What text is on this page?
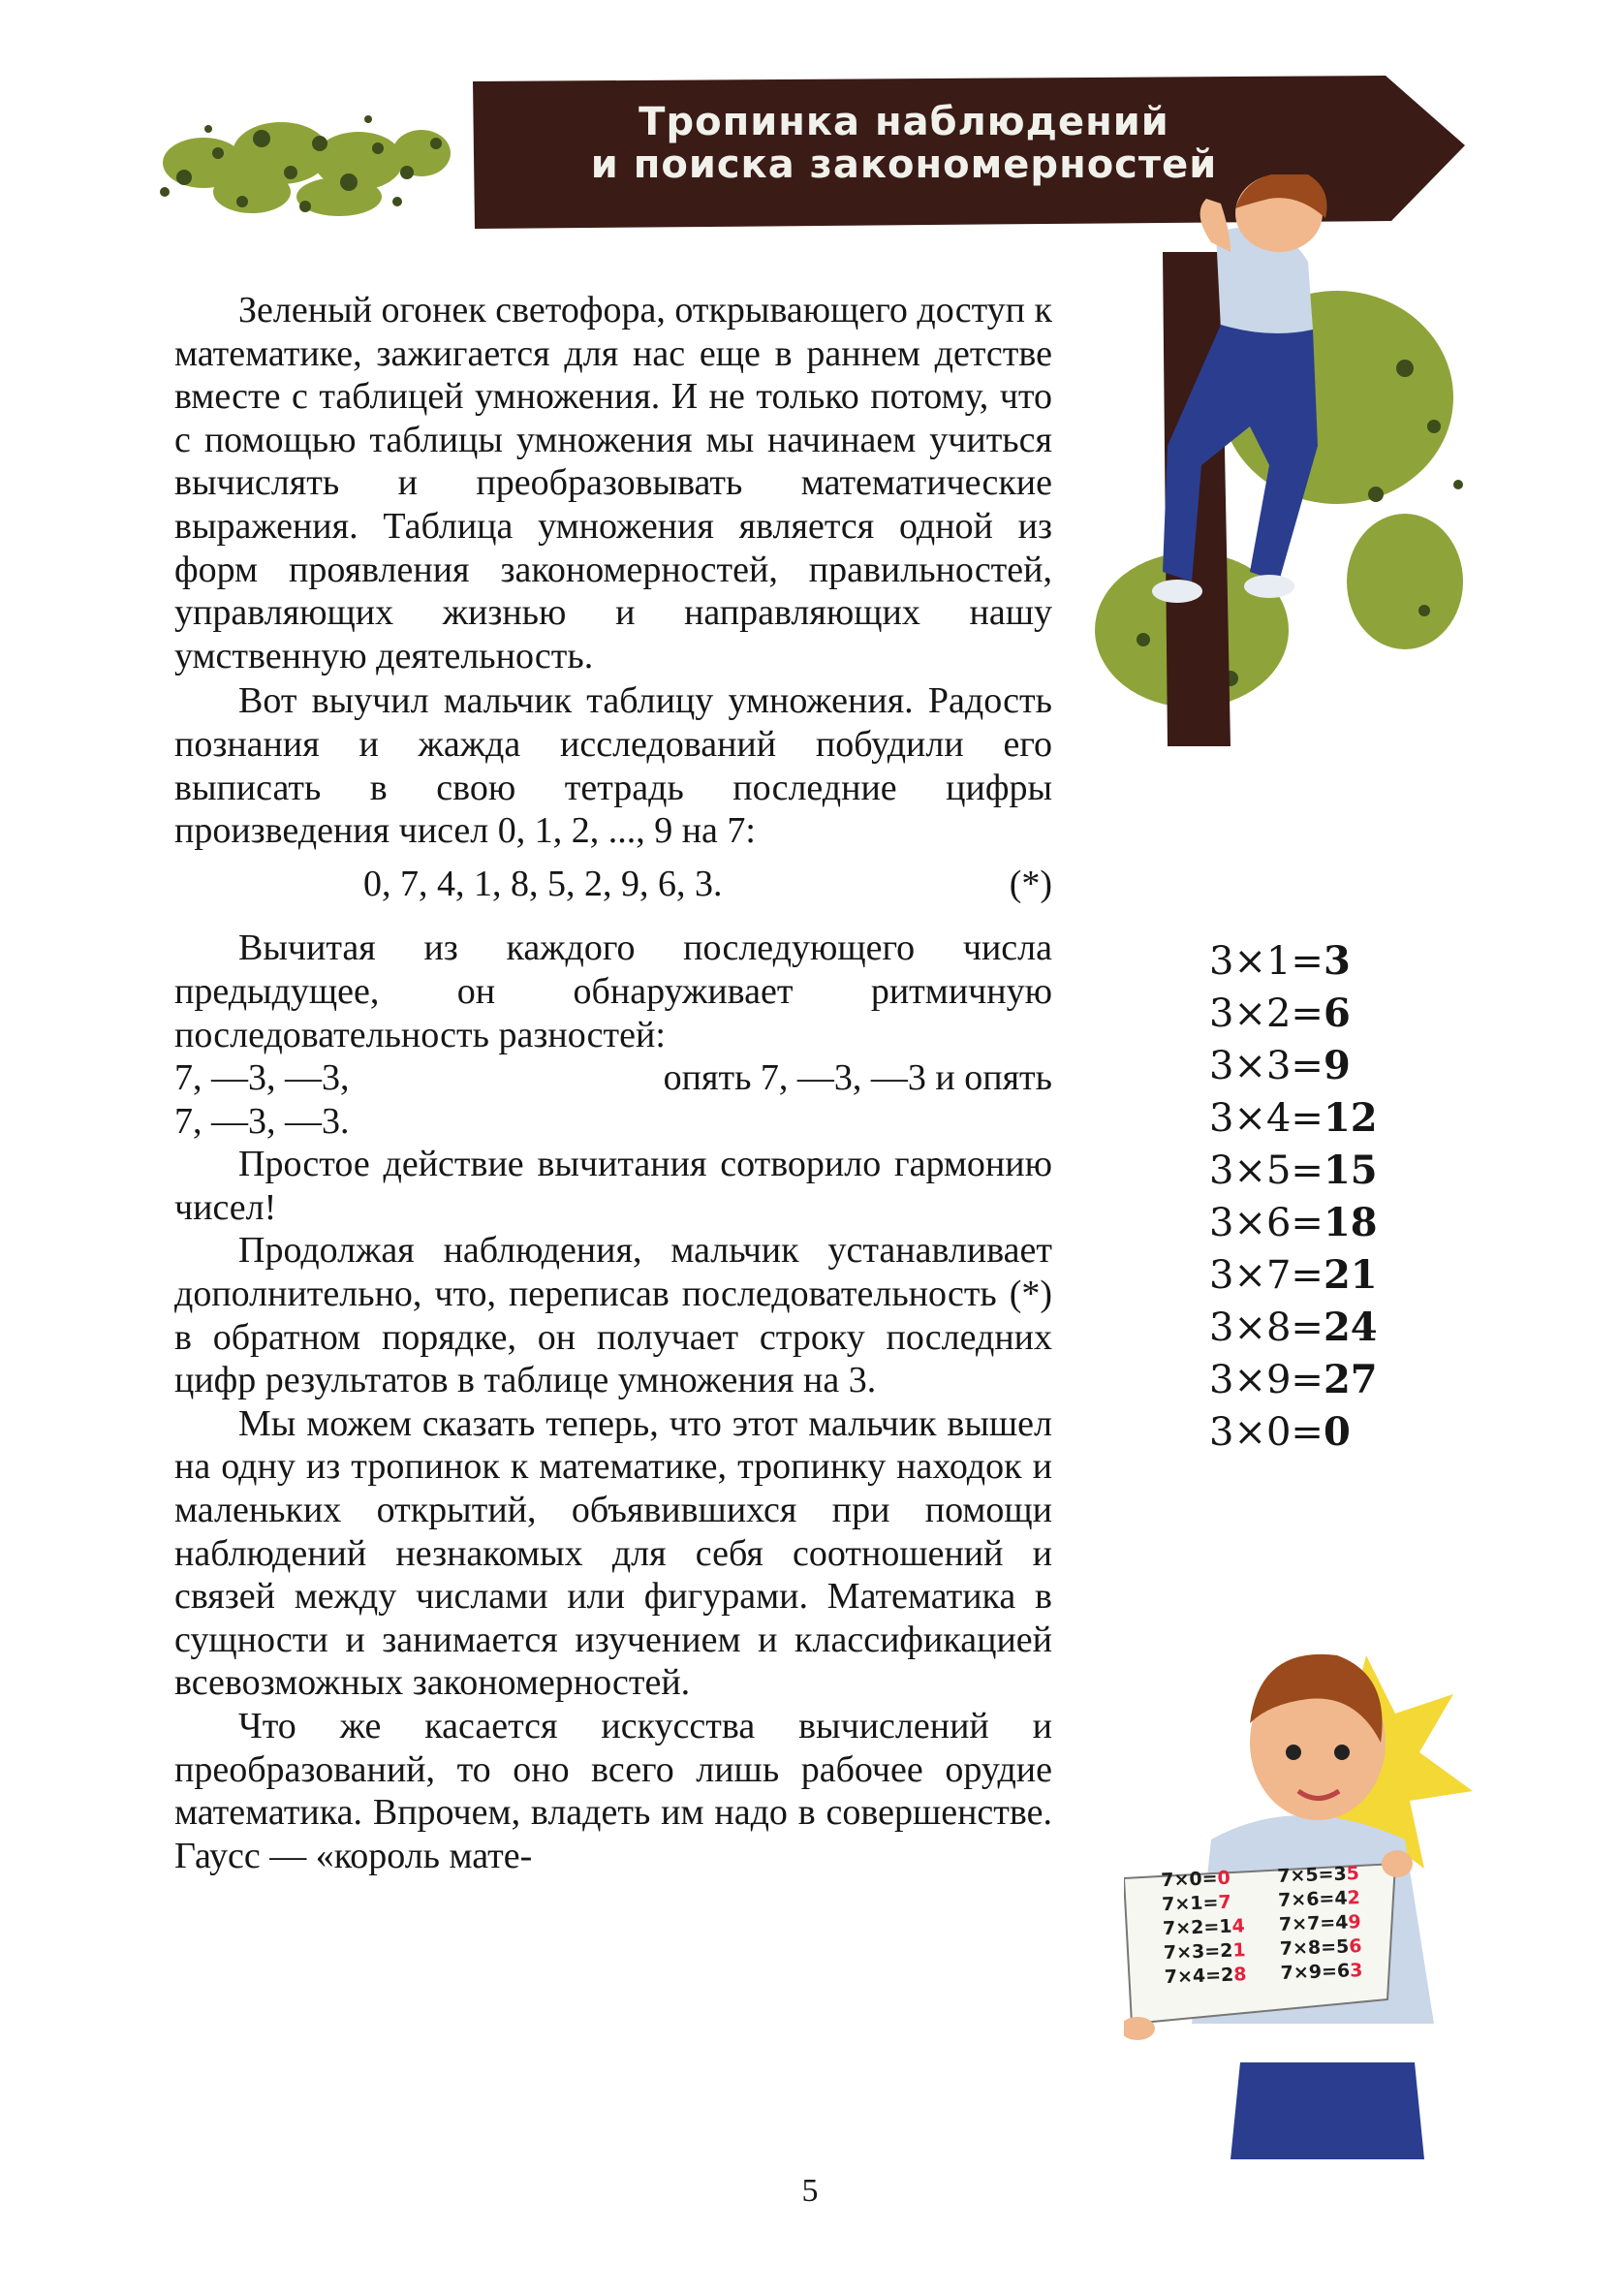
Тропинка наблюдений
и поиска закономерностей

Зеленый огонек светофора, открывающего доступ к математике, зажигается для нас еще в раннем детстве вместе с таблицей умножения. И не только потому, что с помощью таблицы умножения мы начинаем учиться вычислять и преобразовывать математические выражения. Таблица умножения является одной из форм проявления закономерностей, правильностей, управляющих жизнью и направляющих нашу умственную деятельность.

Вот выучил мальчик таблицу умножения. Радость познания и жажда исследований побудили его выписать в свою тетрадь последние цифры произведения чисел 0, 1, 2, ..., 9 на 7:

0, 7, 4, 1, 8, 5, 2, 9, 6, 3.	(*)

Вычитая из каждого последующего числа предыдущее, он обнаруживает ритмичную последовательность разностей:

7, —3, —3,	опять 7, —3, —3 и опять
7, —3, —3.

Простое действие вычитания сотворило гармонию чисел!

Продолжая наблюдения, мальчик устанавливает дополнительно, что, переписав последовательность (*) в обратном порядке, он получает строку последних цифр результатов в таблице умножения на 3.

Мы можем сказать теперь, что этот мальчик вышел на одну из тропинок к математике, тропинку находок и маленьких открытий, объявившихся при помощи наблюдений незнакомых для себя соотношений и связей между числами или фигурами. Математика в сущности и занимается изучением и классификацией всевозможных закономерностей.

Что же касается искусства вычислений и преобразований, то оно всего лишь рабочее орудие математика. Впрочем, владеть им надо в совершенстве. Гаусс — «король мате-

3×1=3
3×2=6
3×3=9
3×4=12
3×5=15
3×6=18
3×7=21
3×8=24
3×9=27
3×0=0
7×0=0	7×5=35
7×1=7	7×6=42
7×2=14	7×7=49
7×3=21	7×8=56
7×4=28	7×9=63
5
